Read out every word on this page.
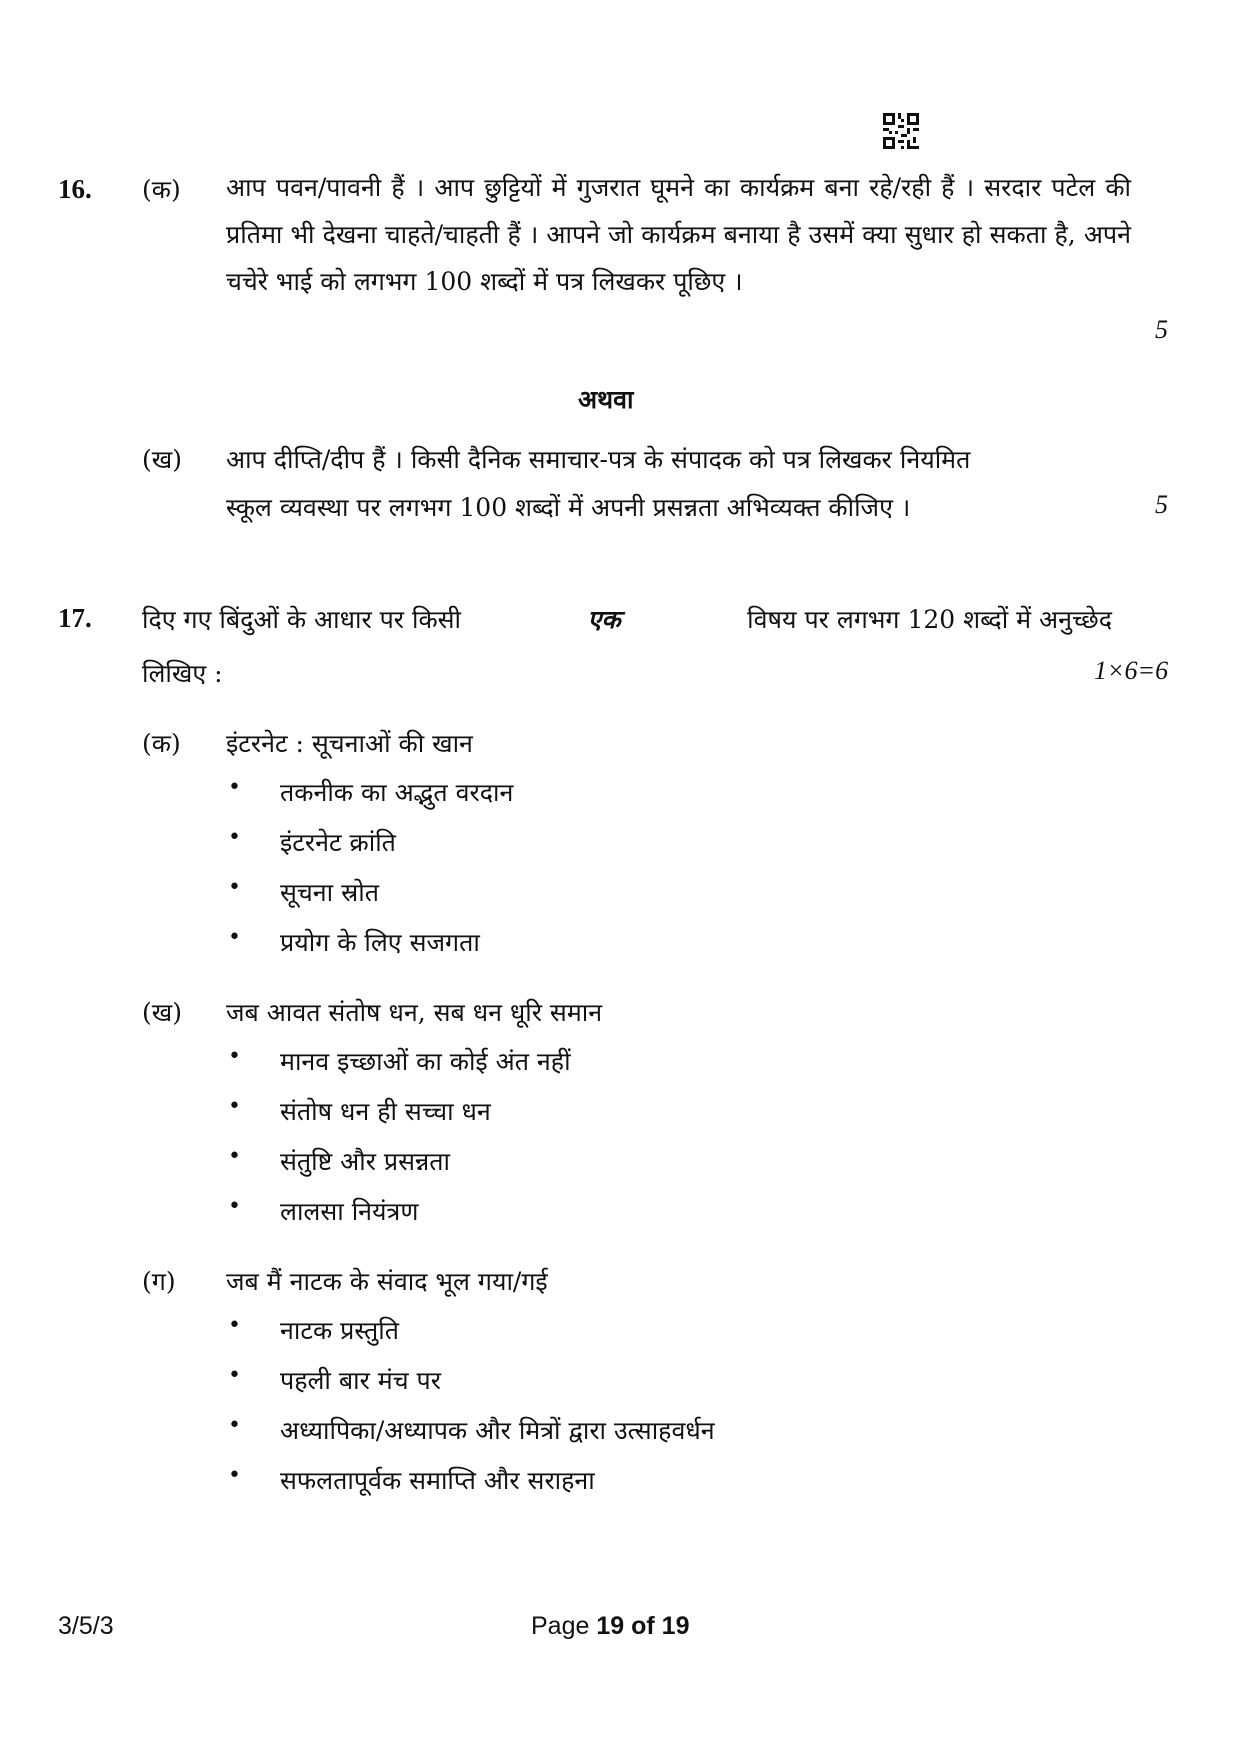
16. (क) आप पवन/पावनी हैं । आप छुट्टियों में गुजरात घूमने का कार्यक्रम बना रहे/रही हैं । सरदार पटेल की प्रतिमा भी देखना चाहते/चाहती हैं । आपने जो कार्यक्रम बनाया है उसमें क्या सुधार हो सकता है, अपने चचेरे भाई को लगभग 100 शब्दों में पत्र लिखकर पूछिए ।
5
अथवा
(ख) आप दीप्ति/दीप हैं । किसी दैनिक समाचार-पत्र के संपादक को पत्र लिखकर नियमित
स्कूल व्यवस्था पर लगभग 100 शब्दों में अपनी प्रसन्नता अभिव्यक्त कीजिए ।	5
17. दिए गए बिंदुओं के आधार पर किसी	एक	विषय पर लगभग 120 शब्दों में अनुच्छेद
लिखिए :	1×6=6
(क) इंटरनेट : सूचनाओं की खान
• तकनीक का अद्भुत वरदान
• इंटरनेट क्रांति
• सूचना स्रोत
• प्रयोग के लिए सजगता
(ख) जब आवत संतोष धन, सब धन धूरि समान
• मानव इच्छाओं का कोई अंत नहीं
• संतोष धन ही सच्चा धन
• संतुष्टि और प्रसन्नता
• लालसा नियंत्रण
(ग) जब मैं नाटक के संवाद भूल गया/गई
• नाटक प्रस्तुति
• पहली बार मंच पर
• अध्यापिका/अध्यापक और मित्रों द्वारा उत्साहवर्धन
• सफलतापूर्वक समाप्ति और सराहना
3/5/3	Page 19 of 19
